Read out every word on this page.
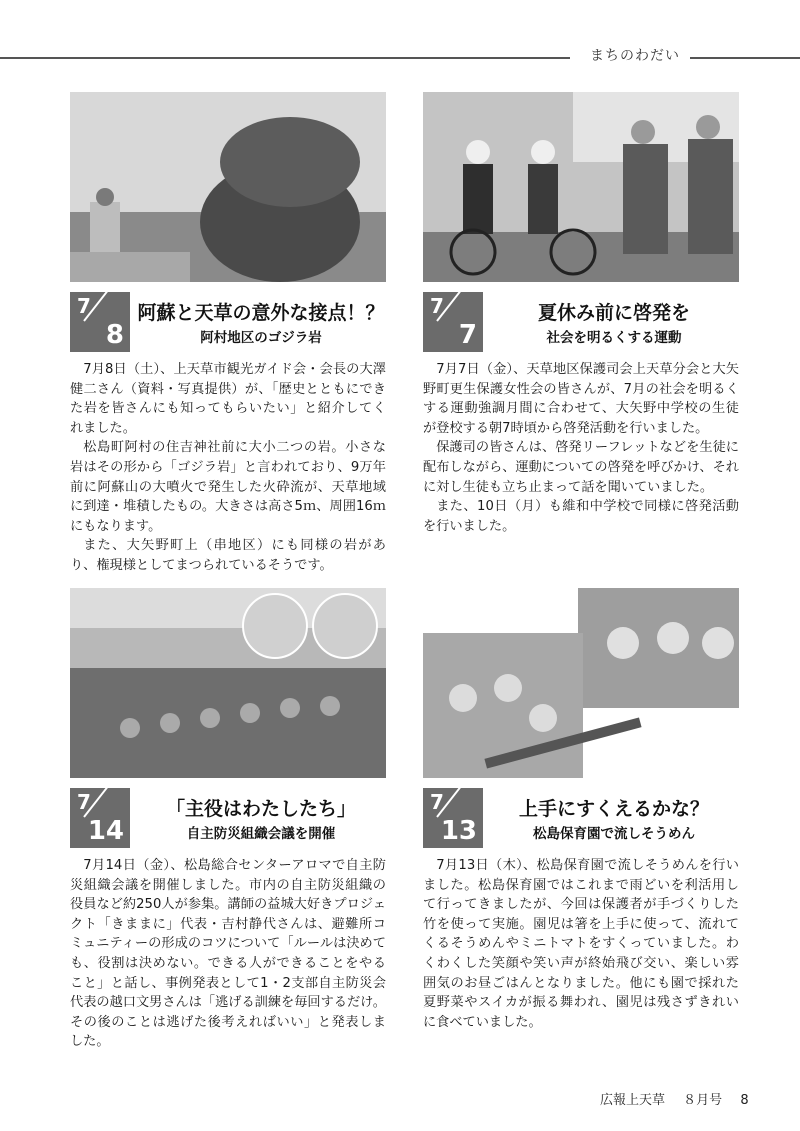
まちのわだい
7
8
阿蘇と天草の意外な接点！？
阿村地区のゴジラ岩

7月8日（土）、上天草市観光ガイド会・会長の大澤健二さん（資料・写真提供）が、「歴史とともにできた岩を皆さんにも知ってもらいたい」と紹介してくれました。

松島町阿村の住吉神社前に大小二つの岩。小さな岩はその形から「ゴジラ岩」と言われており、9万年前に阿蘇山の大噴火で発生した火砕流が、天草地域に到達・堆積したもの。大きさは高さ5ｍ、周囲16ｍにもなります。

また、大矢野町上（串地区）にも同様の岩があり、権現様としてまつられているそうです。

7
7
夏休み前に啓発を
社会を明るくする運動

7月7日（金）、天草地区保護司会上天草分会と大矢野町更生保護女性会の皆さんが、7月の社会を明るくする運動強調月間に合わせて、大矢野中学校の生徒が登校する朝7時頃から啓発活動を行いました。

保護司の皆さんは、啓発リーフレットなどを生徒に配布しながら、運動についての啓発を呼びかけ、それに対し生徒も立ち止まって話を聞いていました。

また、10日（月）も維和中学校で同様に啓発活動を行いました。

7
14
「主役はわたしたち」
自主防災組織会議を開催

7月14日（金）、松島総合センターアロマで自主防災組織会議を開催しました。市内の自主防災組織の役員など約250人が参集。講師の益城大好きプロジェクト「きままに」代表・吉村静代さんは、避難所コミュニティーの形成のコツについて「ルールは決めても、役割は決めない。できる人ができることをやること」と話し、事例発表として1・2支部自主防災会代表の越口文男さんは「逃げる訓練を毎回するだけ。その後のことは逃げた後考えればいい」と発表しました。

7
13
上手にすくえるかな？
松島保育園で流しそうめん

7月13日（木）、松島保育園で流しそうめんを行いました。松島保育園ではこれまで雨どいを利活用して行ってきましたが、今回は保護者が手づくりした竹を使って実施。園児は箸を上手に使って、流れてくるそうめんやミニトマトをすくっていました。わくわくした笑顔や笑い声が終始飛び交い、楽しい雰囲気のお昼ごはんとなりました。他にも園で採れた夏野菜やスイカが振る舞われ、園児は残さずきれいに食べていました。

広報上天草 ８月号 8
